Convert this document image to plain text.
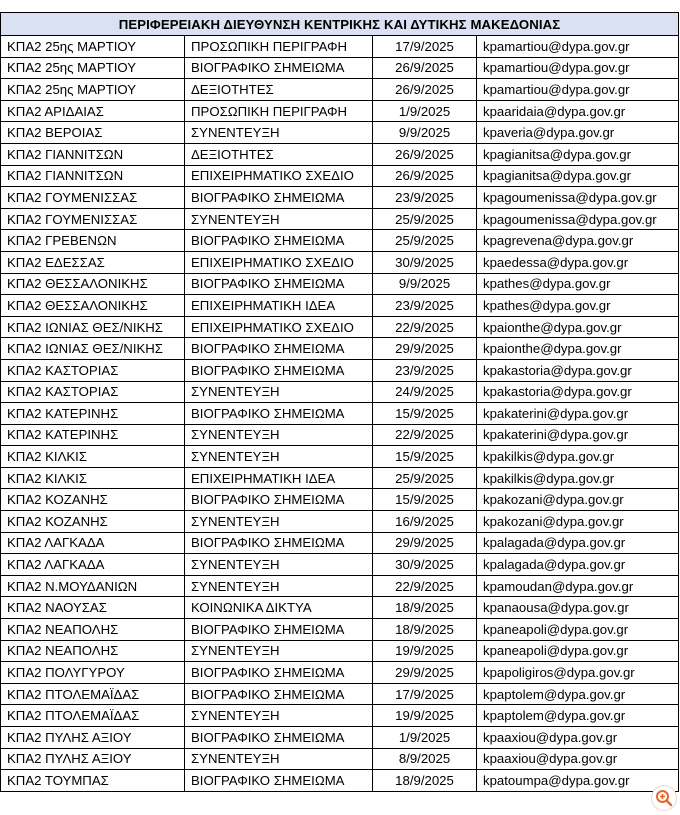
ΠΕΡΙΦΕΡΕΙΑΚΗ ΔΙΕΥΘΥΝΣΗ ΚΕΝΤΡΙΚΗΣ ΚΑΙ ΔΥΤΙΚΗΣ ΜΑΚΕΔΟΝΙΑΣ			
ΚΠΑ2 25ης ΜΑΡΤΙΟΥ	ΠΡΟΣΩΠΙΚΗ ΠΕΡΙΓΡΑΦΗ	17/9/2025	kpamartiou@dypa.gov.gr
ΚΠΑ2 25ης ΜΑΡΤΙΟΥ	ΒΙΟΓΡΑΦΙΚΟ ΣΗΜΕΙΩΜΑ	26/9/2025	kpamartiou@dypa.gov.gr
ΚΠΑ2 25ης ΜΑΡΤΙΟΥ	ΔΕΞΙΟΤΗΤΕΣ	26/9/2025	kpamartiou@dypa.gov.gr
ΚΠΑ2 ΑΡΙΔΑΙΑΣ	ΠΡΟΣΩΠΙΚΗ ΠΕΡΙΓΡΑΦΗ	1/9/2025	kpaaridaia@dypa.gov.gr
ΚΠΑ2 ΒΕΡΟΙΑΣ	ΣΥΝΕΝΤΕΥΞΗ	9/9/2025	kpaveria@dypa.gov.gr
ΚΠΑ2 ΓΙΑΝΝΙΤΣΩΝ	ΔΕΞΙΟΤΗΤΕΣ	26/9/2025	kpagianitsa@dypa.gov.gr
ΚΠΑ2 ΓΙΑΝΝΙΤΣΩΝ	ΕΠΙΧΕΙΡΗΜΑΤΙΚΟ ΣΧΕΔΙΟ	26/9/2025	kpagianitsa@dypa.gov.gr
ΚΠΑ2 ΓΟΥΜΕΝΙΣΣΑΣ	ΒΙΟΓΡΑΦΙΚΟ ΣΗΜΕΙΩΜΑ	23/9/2025	kpagoumenissa@dypa.gov.gr
ΚΠΑ2 ΓΟΥΜΕΝΙΣΣΑΣ	ΣΥΝΕΝΤΕΥΞΗ	25/9/2025	kpagoumenissa@dypa.gov.gr
ΚΠΑ2 ΓΡΕΒΕΝΩΝ	ΒΙΟΓΡΑΦΙΚΟ ΣΗΜΕΙΩΜΑ	25/9/2025	kpagrevena@dypa.gov.gr
ΚΠΑ2 ΕΔΕΣΣΑΣ	ΕΠΙΧΕΙΡΗΜΑΤΙΚΟ ΣΧΕΔΙΟ	30/9/2025	kpaedessa@dypa.gov.gr
ΚΠΑ2 ΘΕΣΣΑΛΟΝΙΚΗΣ	ΒΙΟΓΡΑΦΙΚΟ ΣΗΜΕΙΩΜΑ	9/9/2025	kpathes@dypa.gov.gr
ΚΠΑ2 ΘΕΣΣΑΛΟΝΙΚΗΣ	ΕΠΙΧΕΙΡΗΜΑΤΙΚΗ ΙΔΕΑ	23/9/2025	kpathes@dypa.gov.gr
ΚΠΑ2 ΙΩΝΙΑΣ ΘΕΣ/ΝΙΚΗΣ	ΕΠΙΧΕΙΡΗΜΑΤΙΚΟ ΣΧΕΔΙΟ	22/9/2025	kpaionthe@dypa.gov.gr
ΚΠΑ2 ΙΩΝΙΑΣ ΘΕΣ/ΝΙΚΗΣ	ΒΙΟΓΡΑΦΙΚΟ ΣΗΜΕΙΩΜΑ	29/9/2025	kpaionthe@dypa.gov.gr
ΚΠΑ2 ΚΑΣΤΟΡΙΑΣ	ΒΙΟΓΡΑΦΙΚΟ ΣΗΜΕΙΩΜΑ	23/9/2025	kpakastoria@dypa.gov.gr
ΚΠΑ2 ΚΑΣΤΟΡΙΑΣ	ΣΥΝΕΝΤΕΥΞΗ	24/9/2025	kpakastoria@dypa.gov.gr
ΚΠΑ2 ΚΑΤΕΡΙΝΗΣ	ΒΙΟΓΡΑΦΙΚΟ ΣΗΜΕΙΩΜΑ	15/9/2025	kpakaterini@dypa.gov.gr
ΚΠΑ2 ΚΑΤΕΡΙΝΗΣ	ΣΥΝΕΝΤΕΥΞΗ	22/9/2025	kpakaterini@dypa.gov.gr
ΚΠΑ2 ΚΙΛΚΙΣ	ΣΥΝΕΝΤΕΥΞΗ	15/9/2025	kpakilkis@dypa.gov.gr
ΚΠΑ2 ΚΙΛΚΙΣ	ΕΠΙΧΕΙΡΗΜΑΤΙΚΗ ΙΔΕΑ	25/9/2025	kpakilkis@dypa.gov.gr
ΚΠΑ2 ΚΟΖΑΝΗΣ	ΒΙΟΓΡΑΦΙΚΟ ΣΗΜΕΙΩΜΑ	15/9/2025	kpakozani@dypa.gov.gr
ΚΠΑ2 ΚΟΖΑΝΗΣ	ΣΥΝΕΝΤΕΥΞΗ	16/9/2025	kpakozani@dypa.gov.gr
ΚΠΑ2 ΛΑΓΚΑΔΑ	ΒΙΟΓΡΑΦΙΚΟ ΣΗΜΕΙΩΜΑ	29/9/2025	kpalagada@dypa.gov.gr
ΚΠΑ2 ΛΑΓΚΑΔΑ	ΣΥΝΕΝΤΕΥΞΗ	30/9/2025	kpalagada@dypa.gov.gr
ΚΠΑ2 Ν.ΜΟΥΔΑΝΙΩΝ	ΣΥΝΕΝΤΕΥΞΗ	22/9/2025	kpamoudan@dypa.gov.gr
ΚΠΑ2 ΝΑΟΥΣΑΣ	ΚΟΙΝΩΝΙΚΑ ΔΙΚΤΥΑ	18/9/2025	kpanaousa@dypa.gov.gr
ΚΠΑ2 ΝΕΑΠΟΛΗΣ	ΒΙΟΓΡΑΦΙΚΟ ΣΗΜΕΙΩΜΑ	18/9/2025	kpaneapoli@dypa.gov.gr
ΚΠΑ2 ΝΕΑΠΟΛΗΣ	ΣΥΝΕΝΤΕΥΞΗ	19/9/2025	kpaneapoli@dypa.gov.gr
ΚΠΑ2 ΠΟΛΥΓΥΡΟΥ	ΒΙΟΓΡΑΦΙΚΟ ΣΗΜΕΙΩΜΑ	29/9/2025	kpapoligiros@dypa.gov.gr
ΚΠΑ2 ΠΤΟΛΕΜΑΪΔΑΣ	ΒΙΟΓΡΑΦΙΚΟ ΣΗΜΕΙΩΜΑ	17/9/2025	kpaptolem@dypa.gov.gr
ΚΠΑ2 ΠΤΟΛΕΜΑΪΔΑΣ	ΣΥΝΕΝΤΕΥΞΗ	19/9/2025	kpaptolem@dypa.gov.gr
ΚΠΑ2 ΠΥΛΗΣ ΑΞΙΟΥ	ΒΙΟΓΡΑΦΙΚΟ ΣΗΜΕΙΩΜΑ	1/9/2025	kpaaxiou@dypa.gov.gr
ΚΠΑ2 ΠΥΛΗΣ ΑΞΙΟΥ	ΣΥΝΕΝΤΕΥΞΗ	8/9/2025	kpaaxiou@dypa.gov.gr
ΚΠΑ2 ΤΟΥΜΠΑΣ	ΒΙΟΓΡΑΦΙΚΟ ΣΗΜΕΙΩΜΑ	18/9/2025	kpatoumpa@dypa.gov.gr
